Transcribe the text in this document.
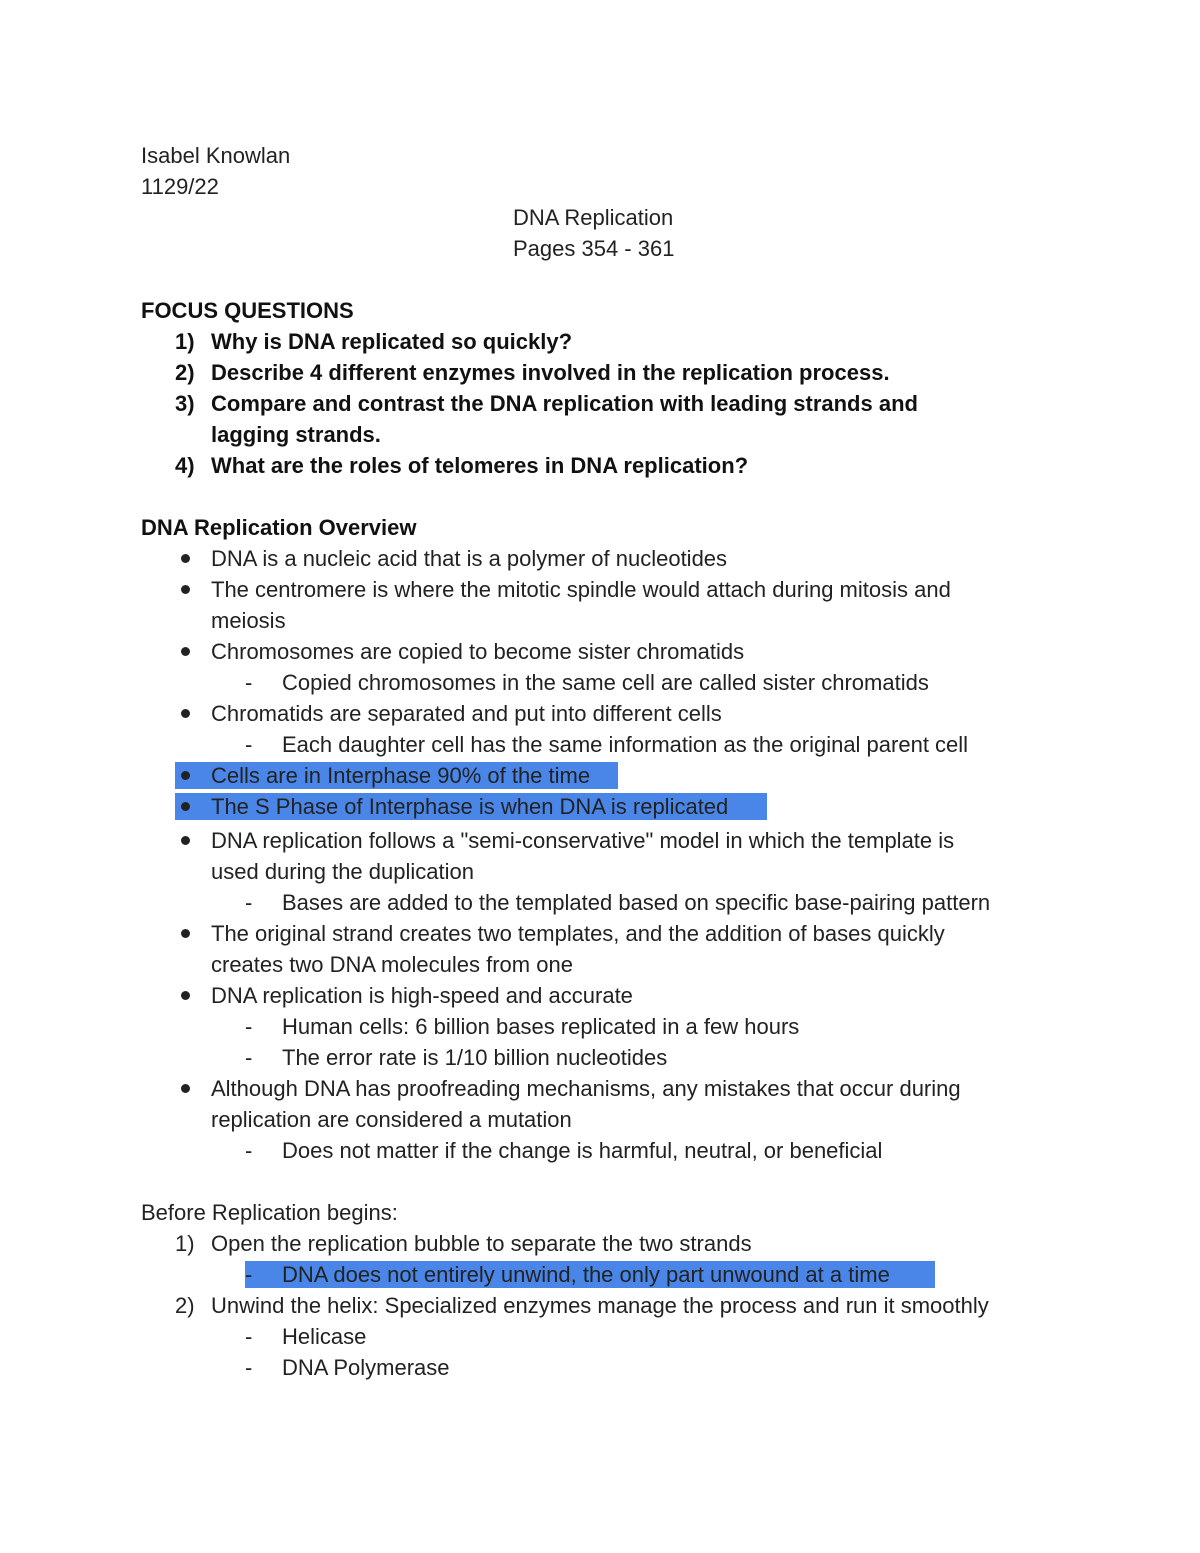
Isabel Knowlan
1129/22
DNA Replication
Pages 354 - 361
FOCUS QUESTIONS
1) Why is DNA replicated so quickly?
2) Describe 4 different enzymes involved in the replication process.
3) Compare and contrast the DNA replication with leading strands and
lagging strands.
4) What are the roles of telomeres in DNA replication?
DNA Replication Overview
DNA is a nucleic acid that is a polymer of nucleotides
The centromere is where the mitotic spindle would attach during mitosis and
meiosis
Chromosomes are copied to become sister chromatids
- Copied chromosomes in the same cell are called sister chromatids
Chromatids are separated and put into different cells
- Each daughter cell has the same information as the original parent cell
Cells are in Interphase 90% of the time
The S Phase of Interphase is when DNA is replicated
DNA replication follows a "semi-conservative" model in which the template is
used during the duplication
- Bases are added to the templated based on specific base-pairing pattern
The original strand creates two templates, and the addition of bases quickly
creates two DNA molecules from one
DNA replication is high-speed and accurate
- Human cells: 6 billion bases replicated in a few hours
- The error rate is 1/10 billion nucleotides
Although DNA has proofreading mechanisms, any mistakes that occur during
replication are considered a mutation
- Does not matter if the change is harmful, neutral, or beneficial
Before Replication begins:
1) Open the replication bubble to separate the two strands
- DNA does not entirely unwind, the only part unwound at a time
2) Unwind the helix: Specialized enzymes manage the process and run it smoothly
- Helicase
- DNA Polymerase
